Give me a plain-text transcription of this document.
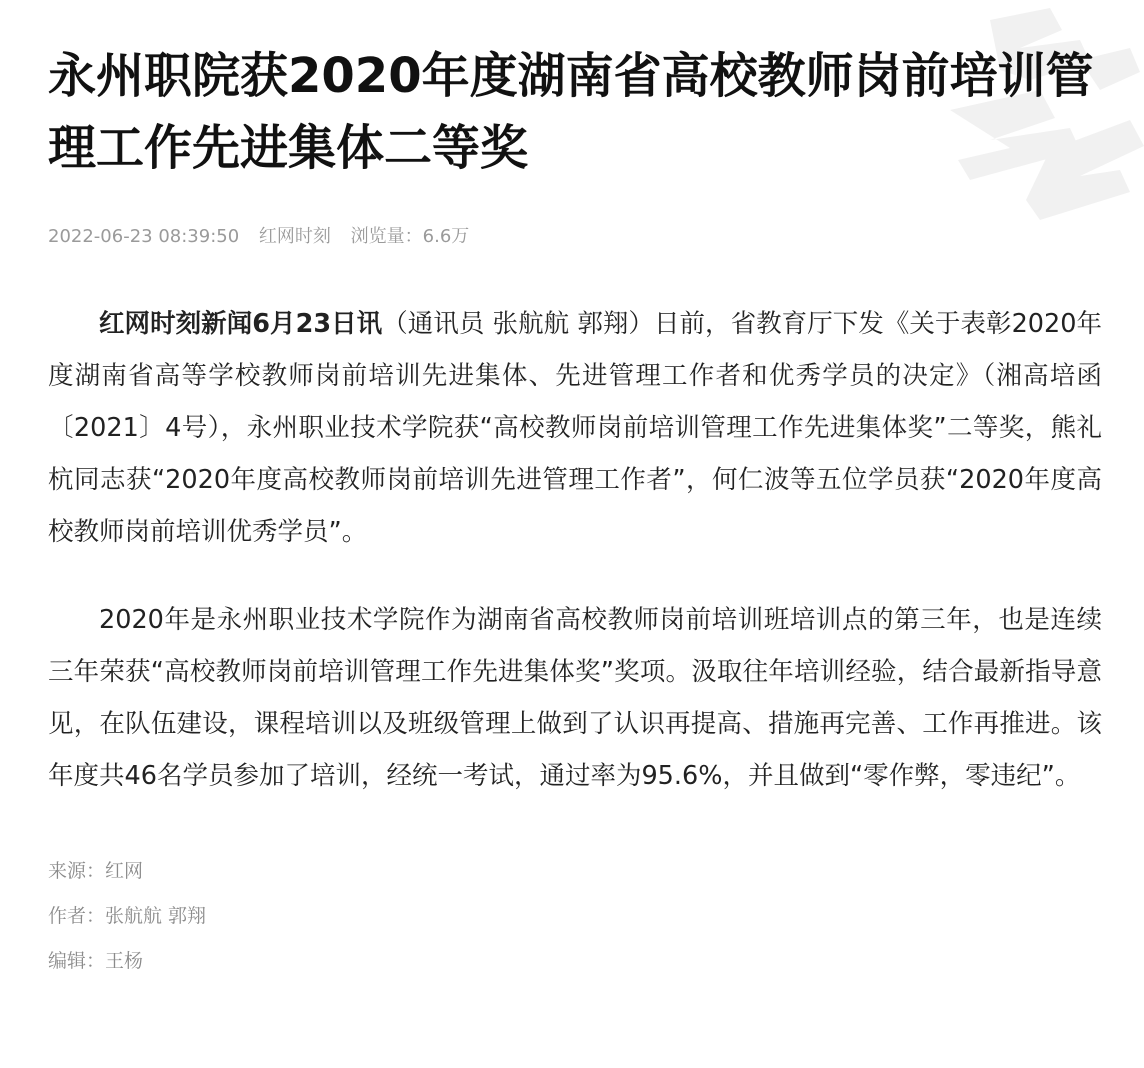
永州职院获2020年度湖南省高校教师岗前培训管理工作先进集体二等奖
2022-06-23 08:39:50 红网时刻 浏览量：6.6万

红网时刻新闻6月23日讯（通讯员 张航航 郭翔）日前，省教育厅下发《关于表彰2020年度湖南省高等学校教师岗前培训先进集体、先进管理工作者和优秀学员的决定》（湘高培函〔2021〕4号），永州职业技术学院获“高校教师岗前培训管理工作先进集体奖”二等奖，熊礼杭同志获“2020年度高校教师岗前培训先进管理工作者”，何仁波等五位学员获“2020年度高校教师岗前培训优秀学员”。

2020年是永州职业技术学院作为湖南省高校教师岗前培训班培训点的第三年，也是连续三年荣获“高校教师岗前培训管理工作先进集体奖”奖项。汲取往年培训经验，结合最新指导意见，在队伍建设，课程培训以及班级管理上做到了认识再提高、措施再完善、工作再推进。该年度共46名学员参加了培训，经统一考试，通过率为95.6%，并且做到“零作弊，零违纪”。

来源：红网
作者：张航航 郭翔
编辑：王杨
